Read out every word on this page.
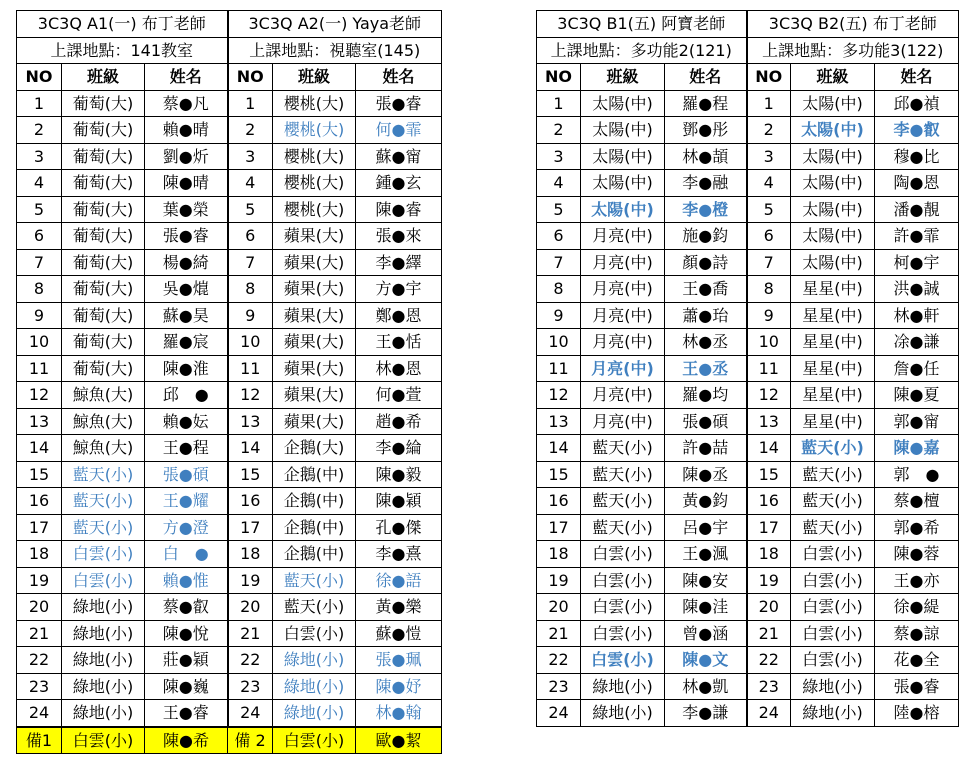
3C3Q A1(一) 布丁老師			3C3Q A2(一) Yaya老師		
上課地點：141教室			上課地點：視聽室(145)		
NO	班級	姓名	NO	班級	姓名
1	葡萄(大)	蔡●凡	1	櫻桃(大)	張●睿
2	葡萄(大)	賴●晴	2	櫻桃(大)	何●霏
3	葡萄(大)	劉●炘	3	櫻桃(大)	蘇●甯
4	葡萄(大)	陳●晴	4	櫻桃(大)	鍾●玄
5	葡萄(大)	葉●榮	5	櫻桃(大)	陳●睿
6	葡萄(大)	張●睿	6	蘋果(大)	張●來
7	葡萄(大)	楊●綺	7	蘋果(大)	李●繹
8	葡萄(大)	吳●熴	8	蘋果(大)	方●宇
9	葡萄(大)	蘇●昊	9	蘋果(大)	鄭●恩
10	葡萄(大)	羅●宸	10	蘋果(大)	王●恬
11	葡萄(大)	陳●淮	11	蘋果(大)	林●恩
12	鯨魚(大)	邱　●	12	蘋果(大)	何●萱
13	鯨魚(大)	賴●妘	13	蘋果(大)	趙●希
14	鯨魚(大)	王●程	14	企鵝(大)	李●綸
15	藍天(小)	張●碩	15	企鵝(中)	陳●毅
16	藍天(小)	王●耀	16	企鵝(中)	陳●穎
17	藍天(小)	方●澄	17	企鵝(中)	孔●傑
18	白雲(小)	白　●	18	企鵝(中)	李●熹
19	白雲(小)	賴●惟	19	藍天(小)	徐●語
20	綠地(小)	蔡●叡	20	藍天(小)	黃●樂
21	綠地(小)	陳●悅	21	白雲(小)	蘇●愷
22	綠地(小)	莊●穎	22	綠地(小)	張●珮
23	綠地(小)	陳●巍	23	綠地(小)	陳●妤
24	綠地(小)	王●睿	24	綠地(小)	林●翰
備1	白雲(小)	陳●希	備 2	白雲(小)	歐●絜
3C3Q B1(五) 阿寶老師			3C3Q B2(五) 布丁老師		
上課地點：多功能2(121)			上課地點：多功能3(122)		
NO	班級	姓名	NO	班級	姓名
1	太陽(中)	羅●程	1	太陽(中)	邱●禎
2	太陽(中)	鄧●彤	2	太陽(中)	李●叡
3	太陽(中)	林●頡	3	太陽(中)	穆●比
4	太陽(中)	李●融	4	太陽(中)	陶●恩
5	太陽(中)	李●橙	5	太陽(中)	潘●靚
6	月亮(中)	施●鈞	6	太陽(中)	許●霏
7	月亮(中)	顏●詩	7	太陽(中)	柯●宇
8	月亮(中)	王●喬	8	星星(中)	洪●誠
9	月亮(中)	蕭●珆	9	星星(中)	林●軒
10	月亮(中)	林●丞	10	星星(中)	凃●謙
11	月亮(中)	王●丞	11	星星(中)	詹●任
12	月亮(中)	羅●均	12	星星(中)	陳●夏
13	月亮(中)	張●碩	13	星星(中)	郭●甯
14	藍天(小)	許●喆	14	藍天(小)	陳●嘉
15	藍天(小)	陳●丞	15	藍天(小)	郭　●
16	藍天(小)	黃●鈞	16	藍天(小)	蔡●檀
17	藍天(小)	呂●宇	17	藍天(小)	郭●希
18	白雲(小)	王●渢	18	白雲(小)	陳●蓉
19	白雲(小)	陳●安	19	白雲(小)	王●亦
20	白雲(小)	陳●洼	20	白雲(小)	徐●緹
21	白雲(小)	曾●涵	21	白雲(小)	蔡●諒
22	白雲(小)	陳●文	22	白雲(小)	花●全
23	綠地(小)	林●凱	23	綠地(小)	張●睿
24	綠地(小)	李●謙	24	綠地(小)	陸●榕
